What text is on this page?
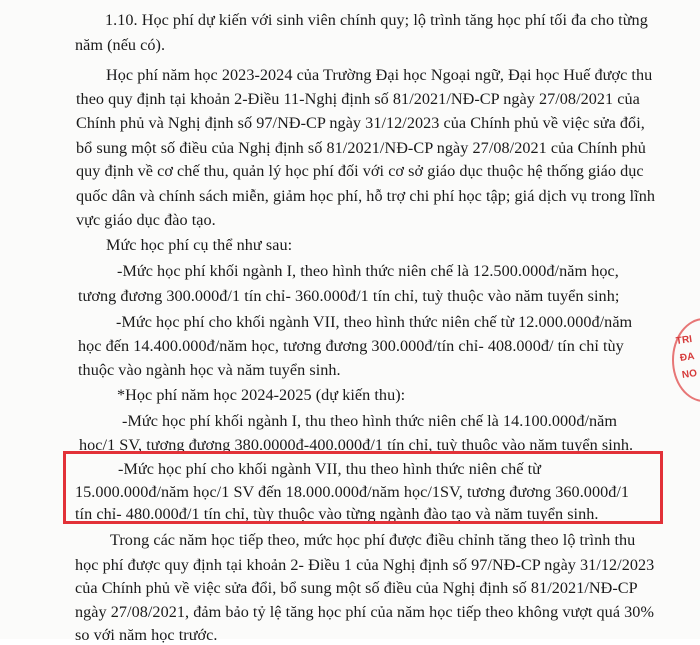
1.10. Học phí dự kiến với sinh viên chính quy; lộ trình tăng học phí tối đa cho từng
năm (nếu có).
Học phí năm học 2023-2024 của Trường Đại học Ngoại ngữ, Đại học Huế được thu
theo quy định tại khoản 2-Điều 11-Nghị định số 81/2021/NĐ-CP ngày 27/08/2021 của
Chính phủ và Nghị định số 97/NĐ-CP ngày 31/12/2023 của Chính phủ về việc sửa đổi,
bổ sung một số điều của Nghị định số 81/2021/NĐ-CP ngày 27/08/2021 của Chính phủ
quy định về cơ chế thu, quản lý học phí đối với cơ sở giáo dục thuộc hệ thống giáo dục
quốc dân và chính sách miễn, giảm học phí, hỗ trợ chi phí học tập; giá dịch vụ trong lĩnh
vực giáo dục đào tạo.
Mức học phí cụ thể như sau:
-Mức học phí khối ngành I, theo hình thức niên chế là 12.500.000đ/năm học,
tương đương 300.000đ/1 tín chỉ- 360.000đ/1 tín chỉ, tuỳ thuộc vào năm tuyển sinh;
-Mức học phí cho khối ngành VII, theo hình thức niên chế từ 12.000.000đ/năm
học đến 14.400.000đ/năm học, tương đương 300.000đ/tín chỉ- 408.000đ/ tín chỉ tùy
thuộc vào ngành học và năm tuyển sinh.
*Học phí năm học 2024-2025 (dự kiến thu):
-Mức học phí khối ngành I, thu theo hình thức niên chế là 14.100.000đ/năm
học/1 SV, tương đương 380.0000đ-400.000đ/1 tín chỉ, tuỳ thuộc vào năm tuyển sinh.
-Mức học phí cho khối ngành VII, thu theo hình thức niên chế từ
15.000.000đ/năm học/1 SV đến 18.000.000đ/năm học/1SV, tương đương 360.000đ/1
tín chỉ- 480.000đ/1 tín chỉ, tùy thuộc vào từng ngành đào tạo và năm tuyển sinh.
Trong các năm học tiếp theo, mức học phí được điều chỉnh tăng theo lộ trình thu
học phí được quy định tại khoản 2- Điều 1 của Nghị định số 97/NĐ-CP ngày 31/12/2023
của Chính phủ về việc sửa đổi, bổ sung một số điều của Nghị định số 81/2021/NĐ-CP
ngày 27/08/2021, đảm bảo tỷ lệ tăng học phí của năm học tiếp theo không vượt quá 30%
so với năm học trước.
TRI
ĐA
NO
